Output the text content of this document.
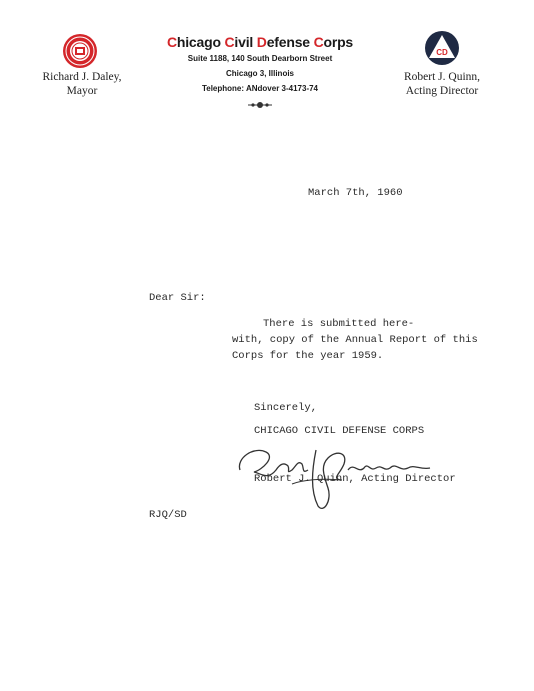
Richard J. Daley,
Mayor
Chicago Civil Defense Corps
Suite 1188, 140 South Dearborn Street
Chicago 3, Illinois
Telephone: ANdover 3-4173-74
CD
Robert J. Quinn,
Acting Director
March 7th, 1960
Dear Sir:
There is submitted here-
with, copy of the Annual Report of this
Corps for the year 1959.
Sincerely,
CHICAGO CIVIL DEFENSE CORPS
Robert J. Quinn, Acting Director
RJQ/SD
